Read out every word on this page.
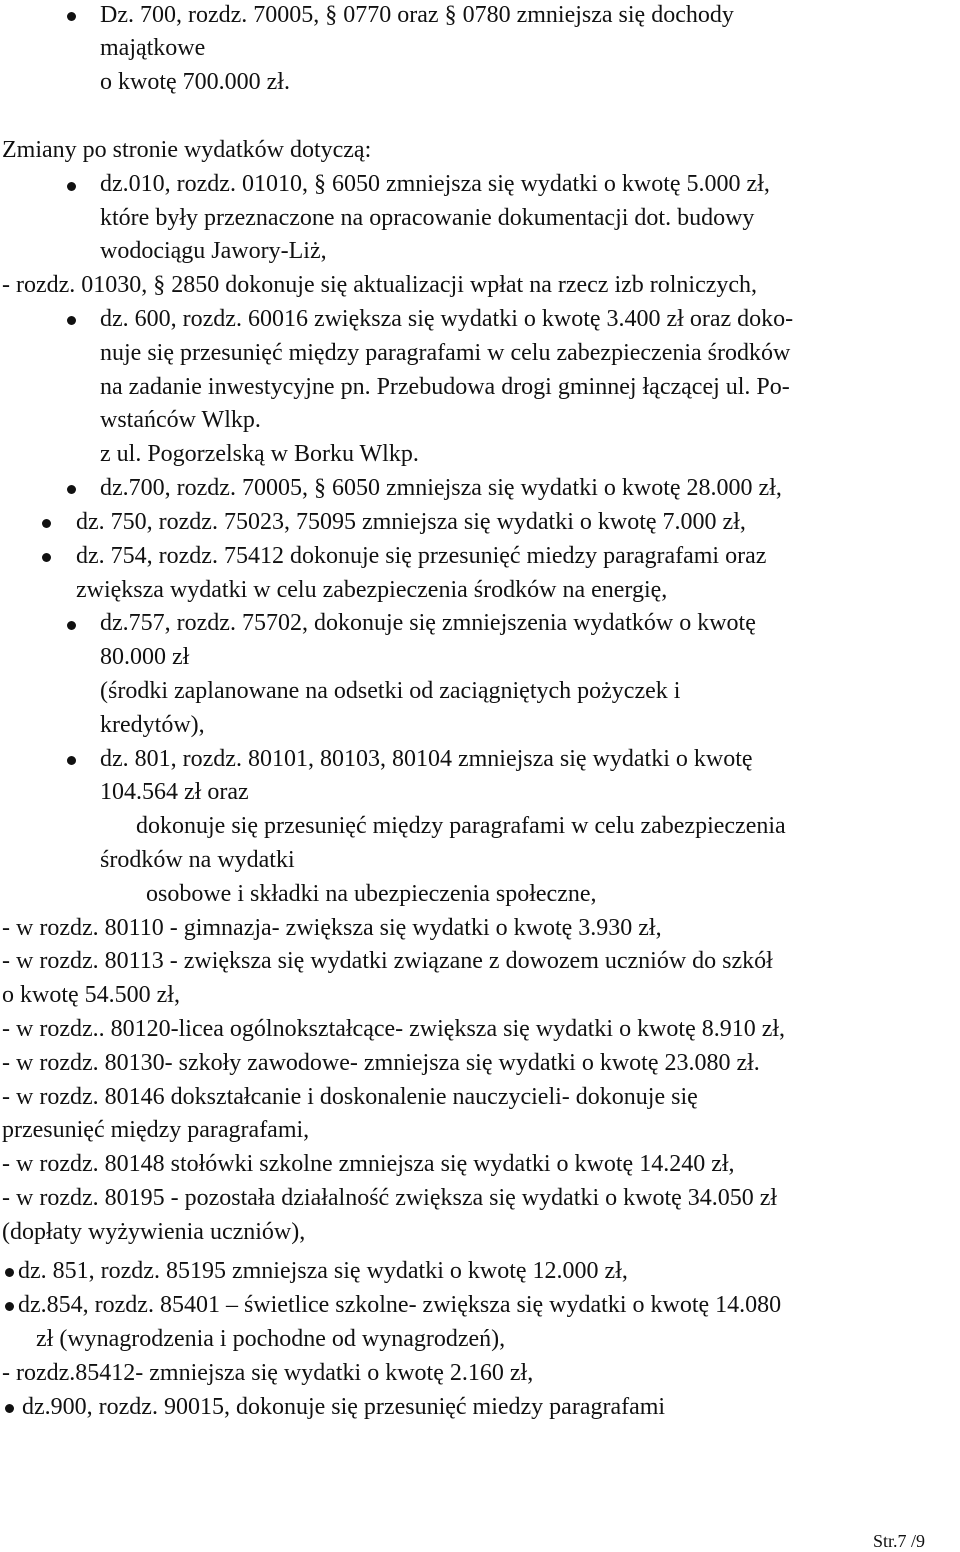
Dz. 700, rozdz. 70005, § 0770 oraz § 0780 zmniejsza się dochody
majątkowe
o kwotę 700.000 zł.
Zmiany po stronie wydatków dotyczą:
dz.010, rozdz. 01010, § 6050 zmniejsza się wydatki o kwotę 5.000 zł,
które były przeznaczone na opracowanie dokumentacji dot. budowy
wodociągu Jawory-Liż,
- rozdz. 01030, § 2850 dokonuje się aktualizacji wpłat na rzecz izb rolniczych,
dz. 600, rozdz. 60016 zwiększa się wydatki o kwotę 3.400 zł oraz doko-
nuje się przesunięć między paragrafami w celu zabezpieczenia środków
na zadanie inwestycyjne pn. Przebudowa drogi gminnej łączącej ul. Po-
wstańców Wlkp.
z ul. Pogorzelską w Borku Wlkp.
dz.700, rozdz. 70005, § 6050 zmniejsza się wydatki o kwotę 28.000 zł,
dz. 750, rozdz. 75023, 75095 zmniejsza się wydatki o kwotę 7.000 zł,
dz. 754, rozdz. 75412 dokonuje się przesunięć miedzy paragrafami oraz
zwiększa wydatki w celu zabezpieczenia środków na energię,
dz.757, rozdz. 75702, dokonuje się zmniejszenia wydatków o kwotę
80.000 zł
(środki zaplanowane na odsetki od zaciągniętych pożyczek i
kredytów),
dz. 801, rozdz. 80101, 80103, 80104 zmniejsza się wydatki o kwotę
104.564 zł oraz
dokonuje się przesunięć między paragrafami w celu zabezpieczenia
środków na wydatki
osobowe i składki na ubezpieczenia społeczne,
- w rozdz. 80110 - gimnazja- zwiększa się wydatki o kwotę 3.930 zł,
- w rozdz. 80113 - zwiększa się wydatki związane z dowozem uczniów do szkół
o kwotę 54.500 zł,
- w rozdz.. 80120-licea ogólnokształcące- zwiększa się wydatki o kwotę 8.910 zł,
- w rozdz. 80130- szkoły zawodowe- zmniejsza się wydatki o kwotę 23.080 zł.
- w rozdz. 80146 dokształcanie i doskonalenie nauczycieli- dokonuje się
przesunięć między paragrafami,
- w rozdz. 80148 stołówki szkolne zmniejsza się wydatki o kwotę 14.240 zł,
- w rozdz. 80195 - pozostała działalność zwiększa się wydatki o kwotę 34.050 zł
(dopłaty wyżywienia uczniów),
dz. 851, rozdz. 85195 zmniejsza się wydatki o kwotę 12.000 zł,
dz.854, rozdz. 85401 – świetlice szkolne- zwiększa się wydatki o kwotę 14.080
zł (wynagrodzenia i pochodne od wynagrodzeń),
- rozdz.85412- zmniejsza się wydatki o kwotę 2.160 zł,
dz.900, rozdz. 90015, dokonuje się przesunięć miedzy paragrafami
Str.7 /9
